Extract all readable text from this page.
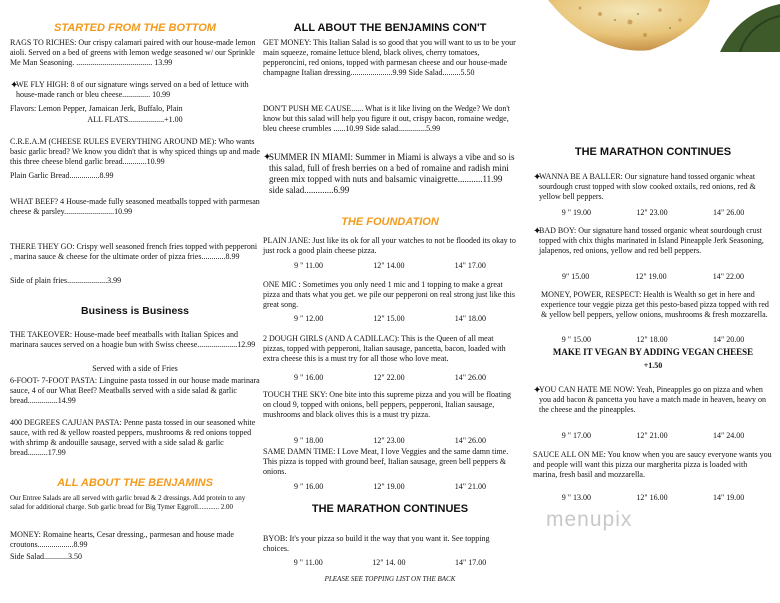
STARTED FROM THE BOTTOM

RAGS TO RICHES: Our crispy calamari paired with our house-made lemon aioli. Served on a bed of greens with lemon wedge seasoned w/ our Sprinkle Me Man Seasoning. ...................................... 13.99

✦

WE FLY HIGH: 8 of our signature wings served on a bed of lettuce with house-made ranch or bleu cheese.............. 10.99

Flavors: Lemon Pepper, Jamaican Jerk, Buffalo, Plain

ALL FLATS..................+1.00

C.R.E.A.M (CHEESE RULES EVERYTHING AROUND ME): Who wants basic garlic bread? We know you didn't that is why spiced things up and made this three cheese blend garlic bread............10.99

Plain Garlic Bread...............8.99

WHAT BEEF? 4 House-made fully seasoned meatballs topped with parmesan cheese & parsley.........................10.99

THERE THEY GO: Crispy well seasoned french fries topped with pepperoni , marina sauce & cheese for the ultimate order of pizza fries............8.99

Side of plain fries....................3.99

Business is Business

THE TAKEOVER: House-made beef meatballs with Italian Spices and marinara sauces served on a hoagie bun with Swiss cheese....................12.99

Served with a side of Fries

6-FOOT- 7-FOOT PASTA: Linguine pasta tossed in our house made marinara sauce, 4 of our What Beef? Meatballs served with a side salad & garlic bread...............14.99

400 DEGREES CAJUAN PASTA: Penne pasta tossed in our seasoned white sauce, with red & yellow roasted peppers, mushrooms & red onions topped with shrimp & andouille sausage, served with a side salad & garlic bread..........17.99

ALL ABOUT THE BENJAMINS

Our Entree Salads are all served with garlic bread & 2 dressings. Add protein to any salad for additional charge. Sub garlic bread for Big Tymer Eggroll............ 2.00

MONEY: Romaine hearts, Cesar dressing., parmesan and house made croutons..................8.99

Side Salad............3.50

ALL ABOUT THE BENJAMINS CON'T

GET MONEY: This Italian Salad is so good that you will want to us to be your main squeeze, romaine lettuce blend, black olives, cherry tomatoes, pepperoncini, red onions, topped with parmesan cheese and our house-made champagne Italian dressing.....................9.99 Side Salad.........5.50

DON'T PUSH ME CAUSE...... What is it like living on the Wedge? We don't know but this salad will help you figure it out, crispy bacon, romaine wedge, bleu cheese crumbles ......10.99 Side salad..............5.99

✦

SUMMER IN MIAMI: Summer in Miami is always a vibe and so is this salad, full of fresh berries on a bed of romaine and radish mini green mix topped with nuts and balsamic vinaigrette...........11.99 side salad.............6.99

THE FOUNDATION

PLAIN JANE: Just like its ok for all your watches to not be flooded its okay to just rock a good plain cheese pizza.

9 " 11.00	12" 14.00	14" 17.00

ONE MIC : Sometimes you only need 1 mic and 1 topping to make a great pizza and thats what you get. we pile our pepperoni on real strong just like this great song.

9 " 12.00	12" 15.00	14" 18.00

2 DOUGH GIRLS (AND A CADILLAC): This is the Queen of all meat pizzas, topped with pepperoni, Italian sausage, pancetta, bacon, loaded with extra cheese this is a must try for all those who love meat.

9 " 16.00	12" 22.00	14" 26.00

TOUCH THE SKY: One bite into this supreme pizza and you will be floating on cloud 9, topped with onions, bell peppers, pepperoni, Italian sausage, mushrooms and black olives this is a must try pizza.

9 " 18.00	12" 23.00	14" 26.00

SAME DAMN TIME: I Love Meat, I love Veggies and the same damn time. This pizza is topped with ground beef, Italian sausage, green bell peppers & onions.

9 " 16.00	12" 19.00	14" 21.00

THE MARATHON CONTINUES

BYOB: It's your pizza so build it the way that you want it. See topping choices.

9 " 11.00	12" 14. 00	14" 17.00

PLEASE SEE TOPPING LIST ON THE BACK

THE MARATHON CONTINUES

✦

WANNA BE A BALLER: Our signature hand tossed organic wheat sourdough crust topped with slow cooked oxtails, red onions, red & yellow bell peppers.

9 " 19.00	12" 23.00	14" 26.00
✦

BAD BOY: Our signature hand tossed organic wheat sourdough crust topped with chix thighs marinated in Island Pineapple Jerk Seasoning, jalapenos, red onions, yellow and red bell peppers.

9" 15.00	12" 19.00	14" 22.00

MONEY, POWER, RESPECT: Health is Wealth so get in here and experience tour veggie pizza get this pesto-based pizza topped with red & yellow bell peppers, yellow onions, mushrooms & fresh mozzarella.

9 " 15.00	12" 18.00	14" 20.00

MAKE IT VEGAN BY ADDING VEGAN CHEESE

+1.50

✦

YOU CAN HATE ME NOW: Yeah, Pineapples go on pizza and when you add bacon & pancetta you have a match made in heaven, heavy on the cheese and the pineapples.

9 " 17.00	12" 21.00	14" 24.00

SAUCE ALL ON ME: You know when you are saucy everyone wants you and people will want this pizza our margherita pizza is loaded with marina, fresh basil and mozzarella.

9 " 13.00	12" 16.00	14" 19.00
menupix
